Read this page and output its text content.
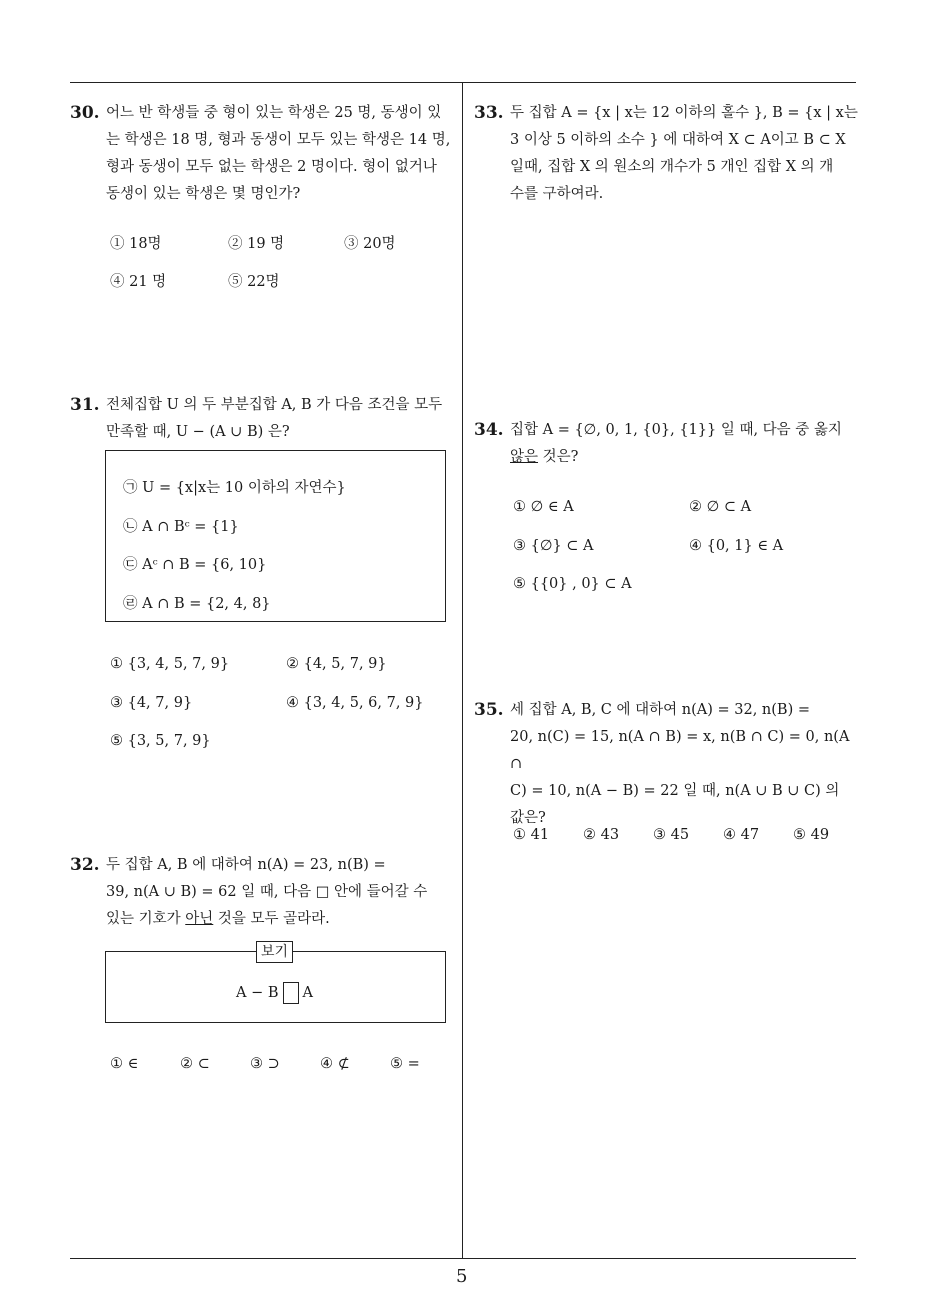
5
30. 어느 반 학생들 중 형이 있는 학생은 25 명, 동생이 있
는 학생은 18 명, 형과 동생이 모두 있는 학생은 14 명,
형과 동생이 모두 없는 학생은 2 명이다. 형이 없거나
동생이 있는 학생은 몇 명인가?
① 18명	② 19 명	③ 20명
④ 21 명	⑤ 22명
31. 전체집합 U 의 두 부분집합 A, B 가 다음 조건을 모두
만족할 때, U − (A ∪ B) 은?
㉠ U = {x|x는 10 이하의 자연수}
㉡ A ∩ Bᶜ = {1}
㉢ Aᶜ ∩ B = {6, 10}
㉣ A ∩ B = {2, 4, 8}
① {3, 4, 5, 7, 9}	② {4, 5, 7, 9}
③ {4, 7, 9}	④ {3, 4, 5, 6, 7, 9}
⑤ {3, 5, 7, 9}
32. 두 집합 A, B 에 대하여 n(A) = 23, n(B) =
39, n(A ∪ B) = 62 일 때, 다음 □ 안에 들어갈 수
있는 기호가 아닌 것을 모두 골라라.
보기
A − B A
① ∈	② ⊂	③ ⊃	④ ⊄	⑤ =
33. 두 집합 A = {x | x는 12 이하의 홀수 }, B = {x | x는
3 이상 5 이하의 소수 } 에 대하여 X ⊂ A이고 B ⊂ X
일때, 집합 X 의 원소의 개수가 5 개인 집합 X 의 개
수를 구하여라.
34. 집합 A = {∅, 0, 1, {0}, {1}} 일 때, 다음 중 옳지
않은 것은?
① ∅ ∈ A	② ∅ ⊂ A
③ {∅} ⊂ A	④ {0, 1} ∈ A
⑤ {{0} , 0} ⊂ A
35. 세 집합 A, B, C 에 대하여 n(A) = 32, n(B) =
20, n(C) = 15, n(A ∩ B) = x, n(B ∩ C) = 0, n(A ∩
C) = 10, n(A − B) = 22 일 때, n(A ∪ B ∪ C) 의
값은?
① 41 ② 43 ③ 45 ④ 47 ⑤ 49
